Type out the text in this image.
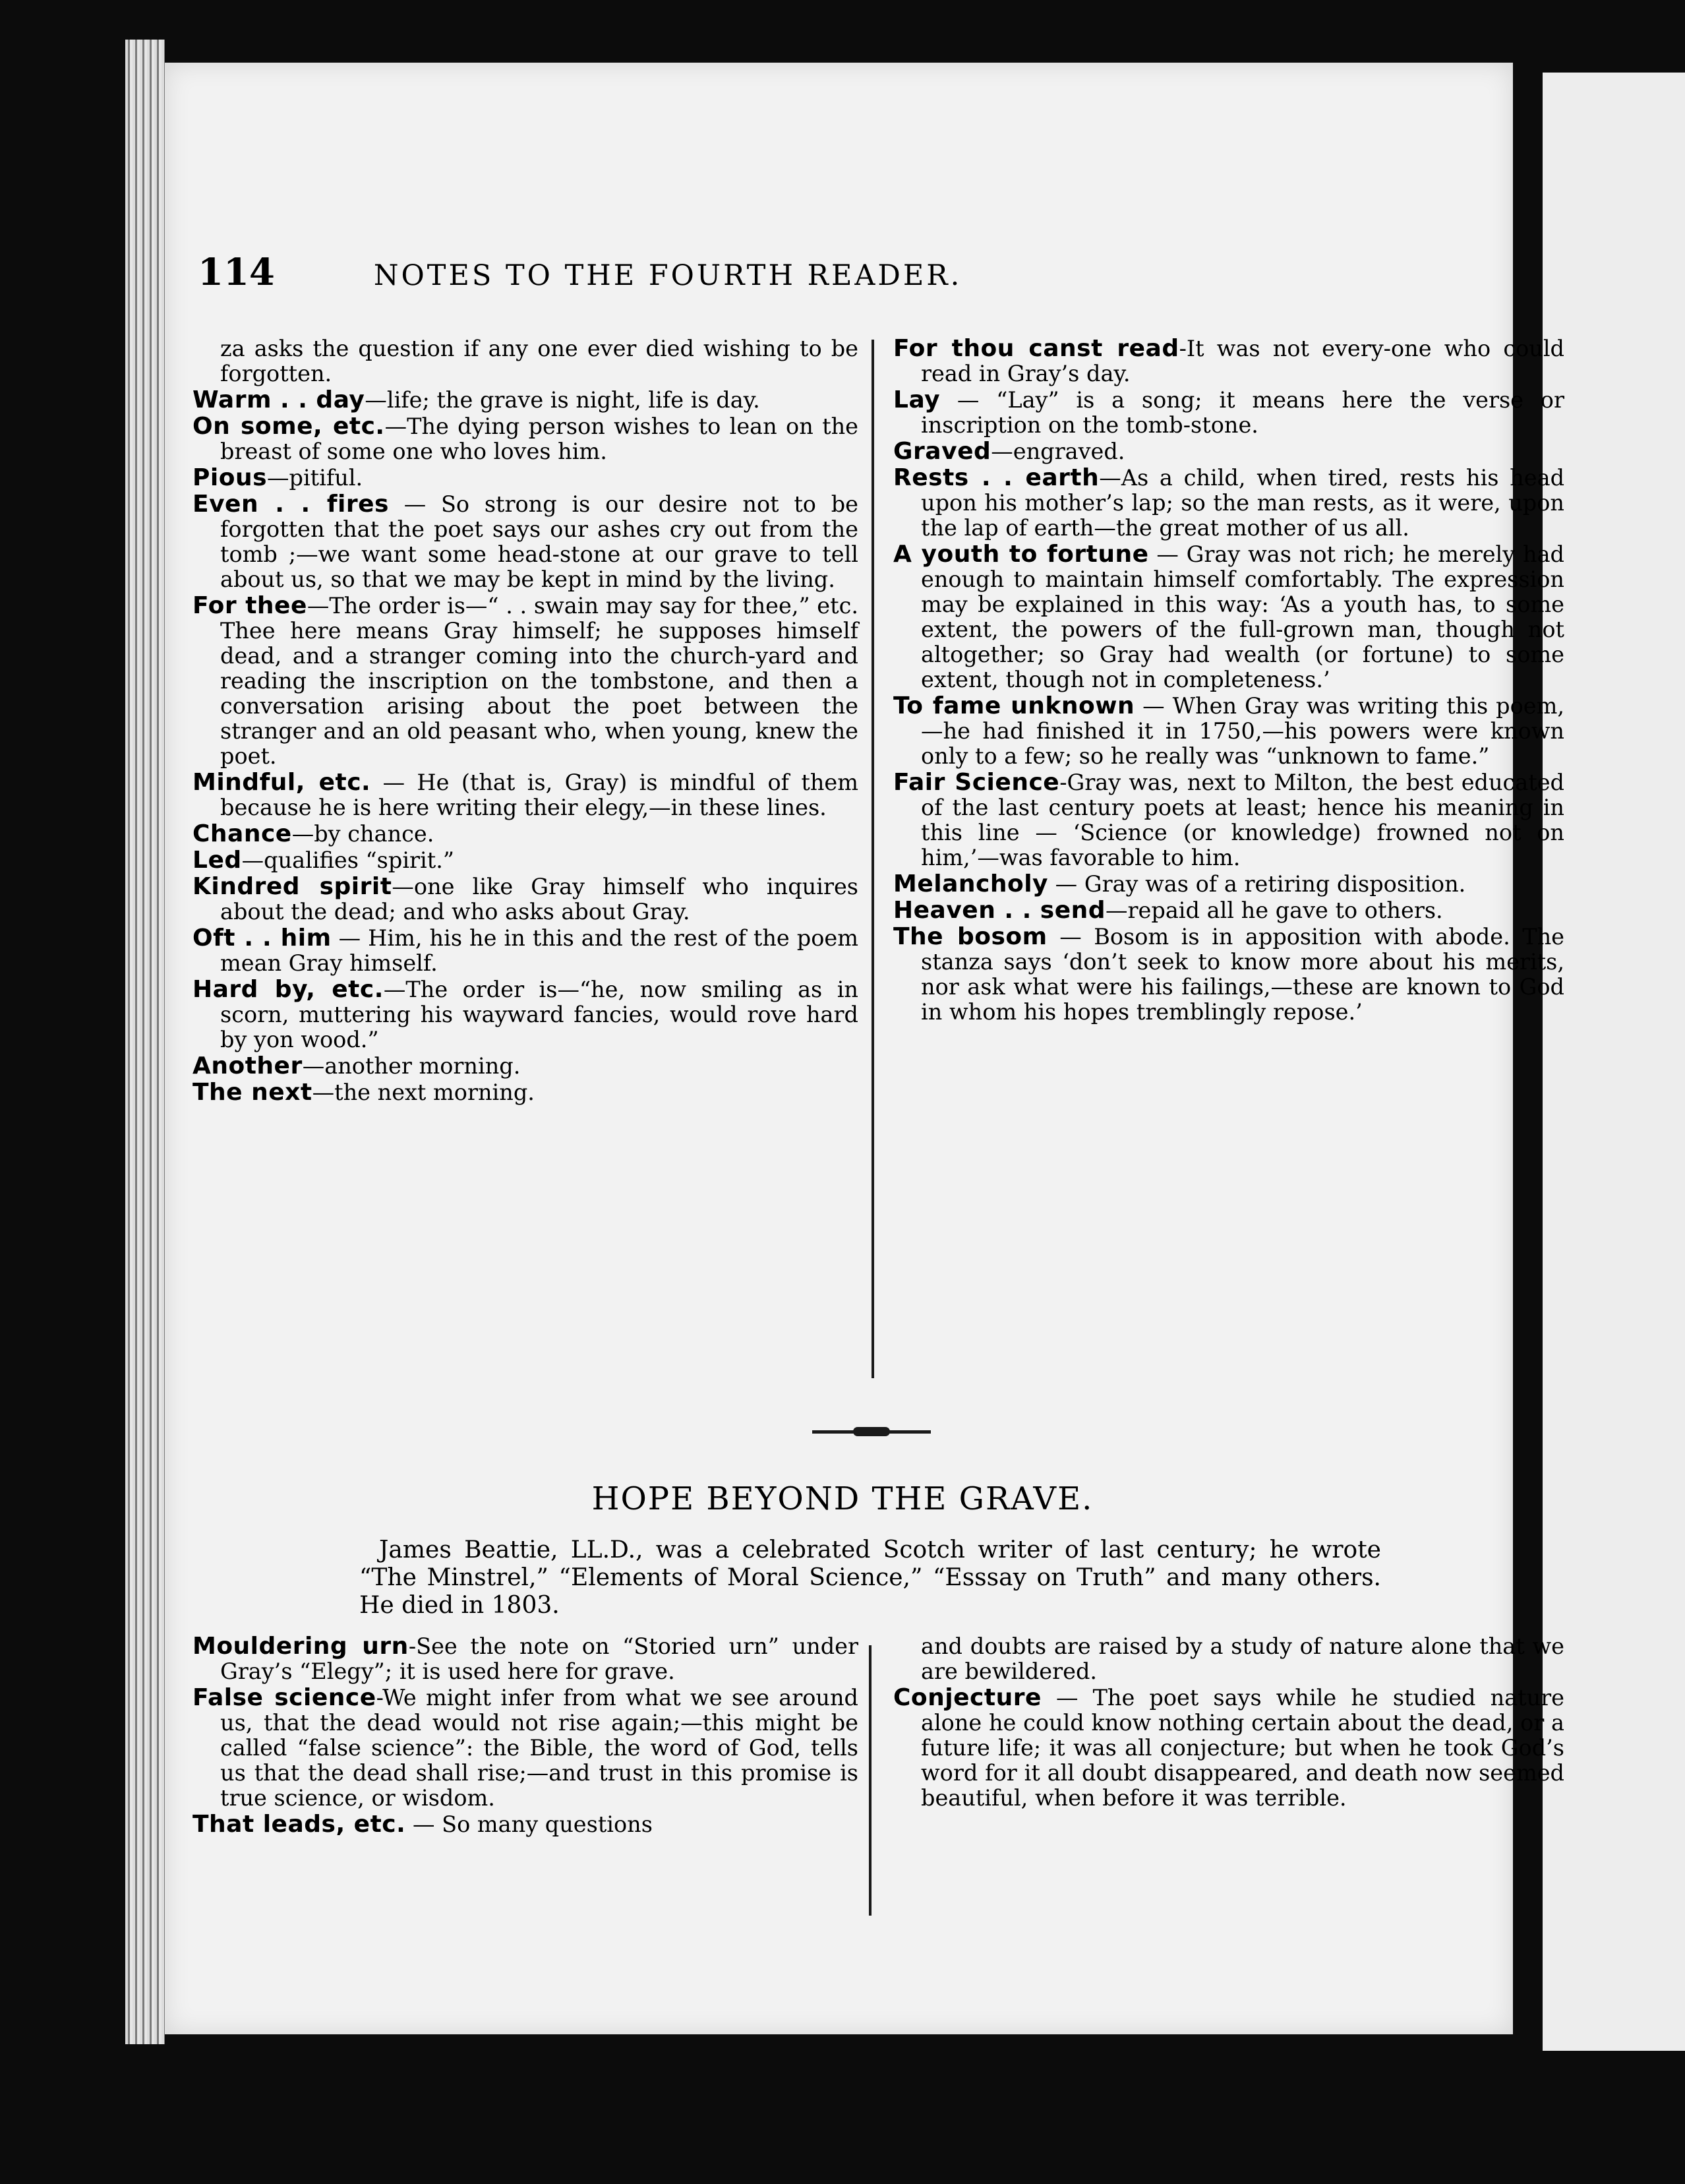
114	NOTES TO THE FOURTH READER.

za asks the question if any one ever died wishing to be forgotten.

Warm . . day—life; the grave is night, life is day.

On some, etc.—The dying person wishes to lean on the breast of some one who loves him.

Pious—pitiful.

Even . . fires — So strong is our desire not to be forgotten that the poet says our ashes cry out from the tomb ;—we want some head-stone at our grave to tell about us, so that we may be kept in mind by the living.

For thee—The order is—“ . . swain may say for thee,” etc. Thee here means Gray himself; he supposes himself dead, and a stranger coming into the church-yard and reading the inscription on the tombstone, and then a conversation arising about the poet between the stranger and an old peasant who, when young, knew the poet.

Mindful, etc. — He (that is, Gray) is mindful of them because he is here writing their elegy,—in these lines.

Chance—by chance.

Led—qualifies “spirit.”

Kindred spirit—one like Gray himself who inquires about the dead; and who asks about Gray.

Oft . . him — Him, his he in this and the rest of the poem mean Gray himself.

Hard by, etc.—The order is—“he, now smiling as in scorn, muttering his wayward fancies, would rove hard by yon wood.”

Another—another morning.

The next—the next morning.

For thou canst read-It was not every-one who could read in Gray’s day.

Lay — “Lay” is a song; it means here the verse or inscription on the tomb-stone.

Graved—engraved.

Rests . . earth—As a child, when tired, rests his head upon his mother’s lap; so the man rests, as it were, upon the lap of earth—the great mother of us all.

A youth to fortune — Gray was not rich; he merely had enough to maintain himself comfortably. The expression may be explained in this way: ‘As a youth has, to some extent, the powers of the full-grown man, though not altogether; so Gray had wealth (or fortune) to some extent, though not in completeness.’

To fame unknown — When Gray was writing this poem,—he had finished it in 1750,—his powers were known only to a few; so he really was “unknown to fame.”

Fair Science-Gray was, next to Milton, the best educated of the last century poets at least; hence his meaning in this line — ‘Science (or knowledge) frowned not on him,’—was favorable to him.

Melancholy — Gray was of a retiring disposition.

Heaven . . send—repaid all he gave to others.

The bosom — Bosom is in apposition with abode. The stanza says ‘don’t seek to know more about his merits, nor ask what were his failings,—these are known to God in whom his hopes tremblingly repose.’

HOPE BEYOND THE GRAVE.
James Beattie, LL.D., was a celebrated Scotch writer of last century; he wrote “The Minstrel,” “Elements of Moral Science,” “Esssay on Truth” and many others. He died in 1803.

Mouldering urn-See the note on “Storied urn” under Gray’s “Elegy”; it is used here for grave.

False science-We might infer from what we see around us, that the dead would not rise again;—this might be called “false science”: the Bible, the word of God, tells us that the dead shall rise;—and trust in this promise is true science, or wisdom.

That leads, etc. — So many questions

and doubts are raised by a study of nature alone that we are bewildered.

Conjecture — The poet says while he studied nature alone he could know nothing certain about the dead, or a future life; it was all conjecture; but when he took God’s word for it all doubt disappeared, and death now seemed beautiful, when before it was terrible.
